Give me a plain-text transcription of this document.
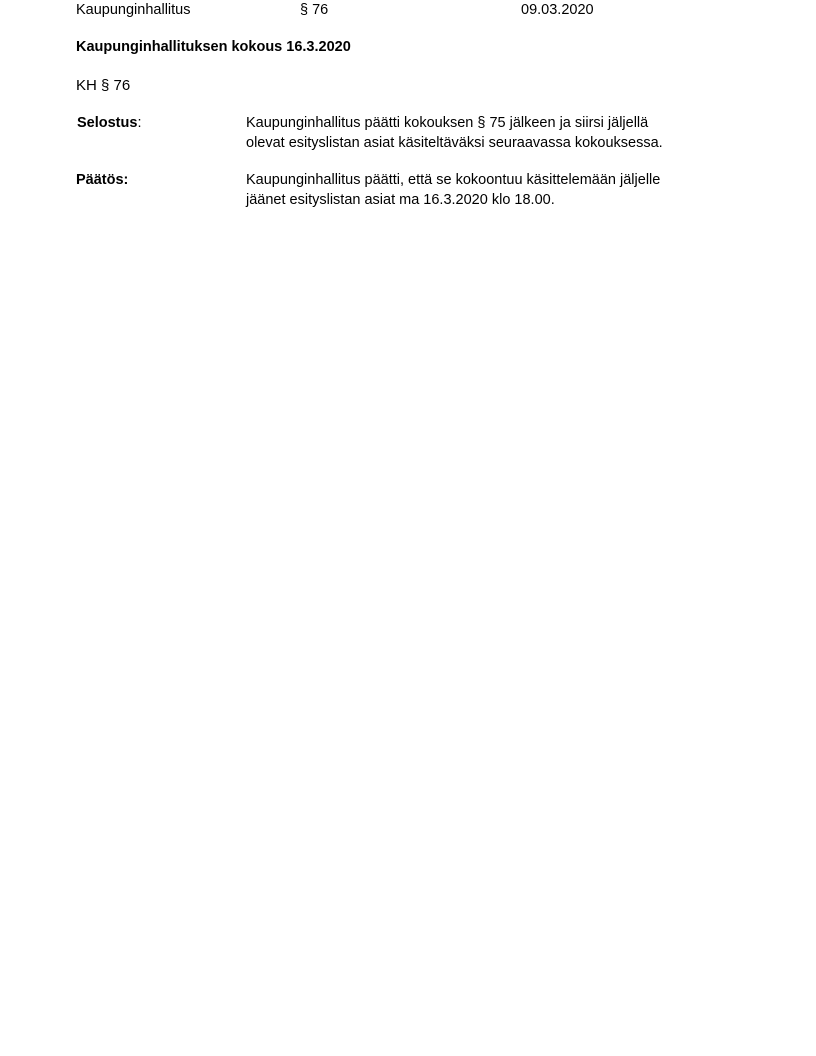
Kaupunginhallitus	§ 76	09.03.2020
Kaupunginhallituksen kokous 16.3.2020
KH § 76
Selostus:	Kaupunginhallitus päätti kokouksen § 75 jälkeen ja siirsi jäljellä
olevat esityslistan asiat käsiteltäväksi seuraavassa kokouksessa.
Päätös:	Kaupunginhallitus päätti, että se kokoontuu käsittelemään jäljelle
jäänet esityslistan asiat ma 16.3.2020 klo 18.00.
